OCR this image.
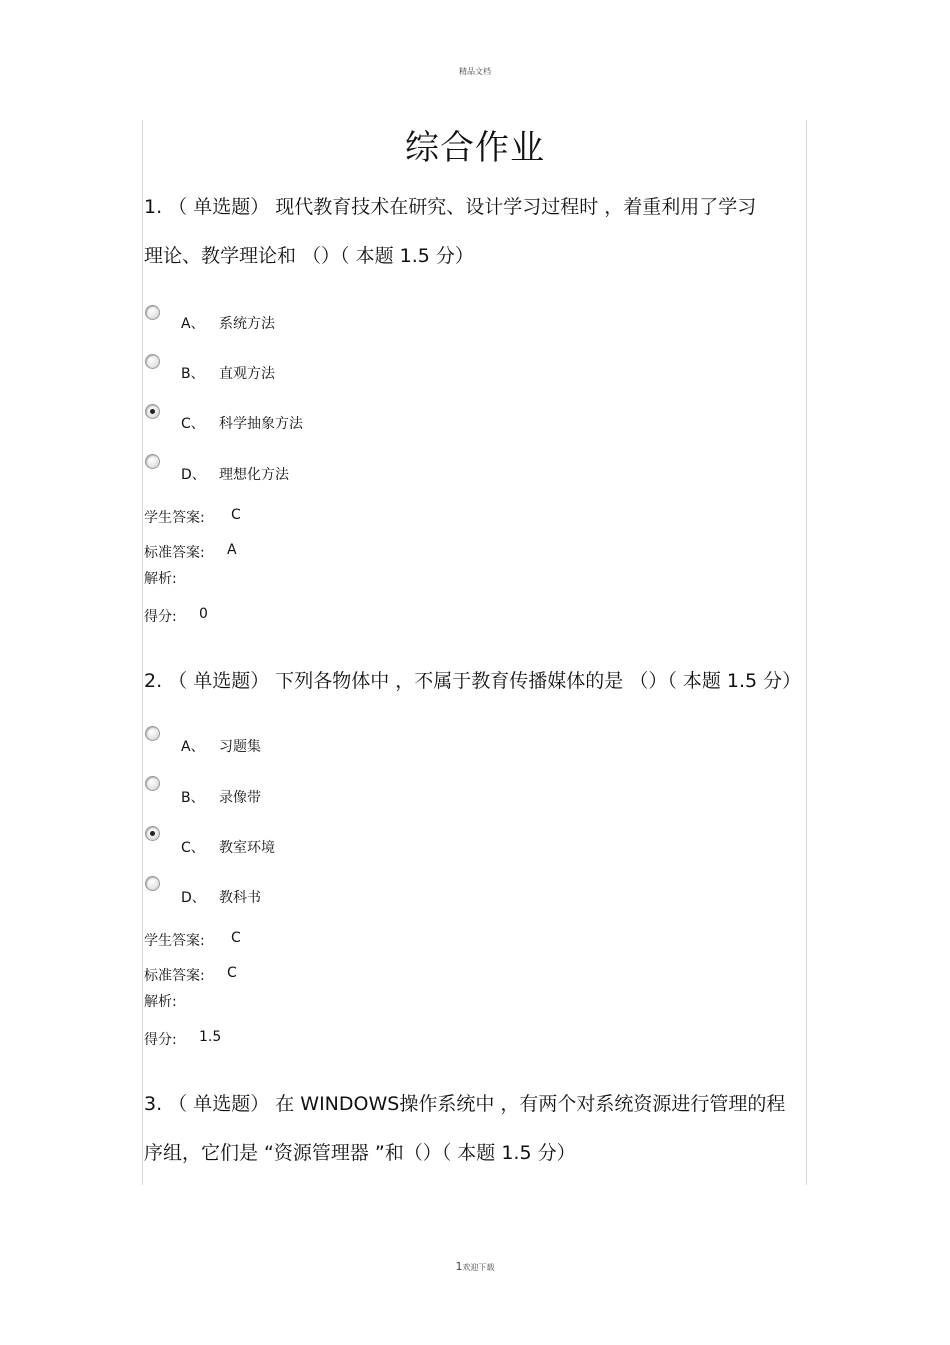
精品文档
综合作业
1. （ 单选题） 现代教育技术在研究、设计学习过程时 ，着重利用了学习
理论、教学理论和 （）（ 本题 1.5 分）
A、 系统方法
B、 直观方法
C、 科学抽象方法
D、 理想化方法
学生答案: C
标准答案: A
解析:
得分: 0
2. （ 单选题） 下列各物体中 ，不属于教育传播媒体的是 （）（ 本题 1.5 分）
A、 习题集
B、 录像带
C、 教室环境
D、 教科书
学生答案: C
标准答案: C
解析:
得分: 1.5
3. （ 单选题） 在 WINDOWS操作系统中 ，有两个对系统资源进行管理的程
序组，它们是 “资源管理器 ”和（）（ 本题 1.5 分）
1欢迎下载
